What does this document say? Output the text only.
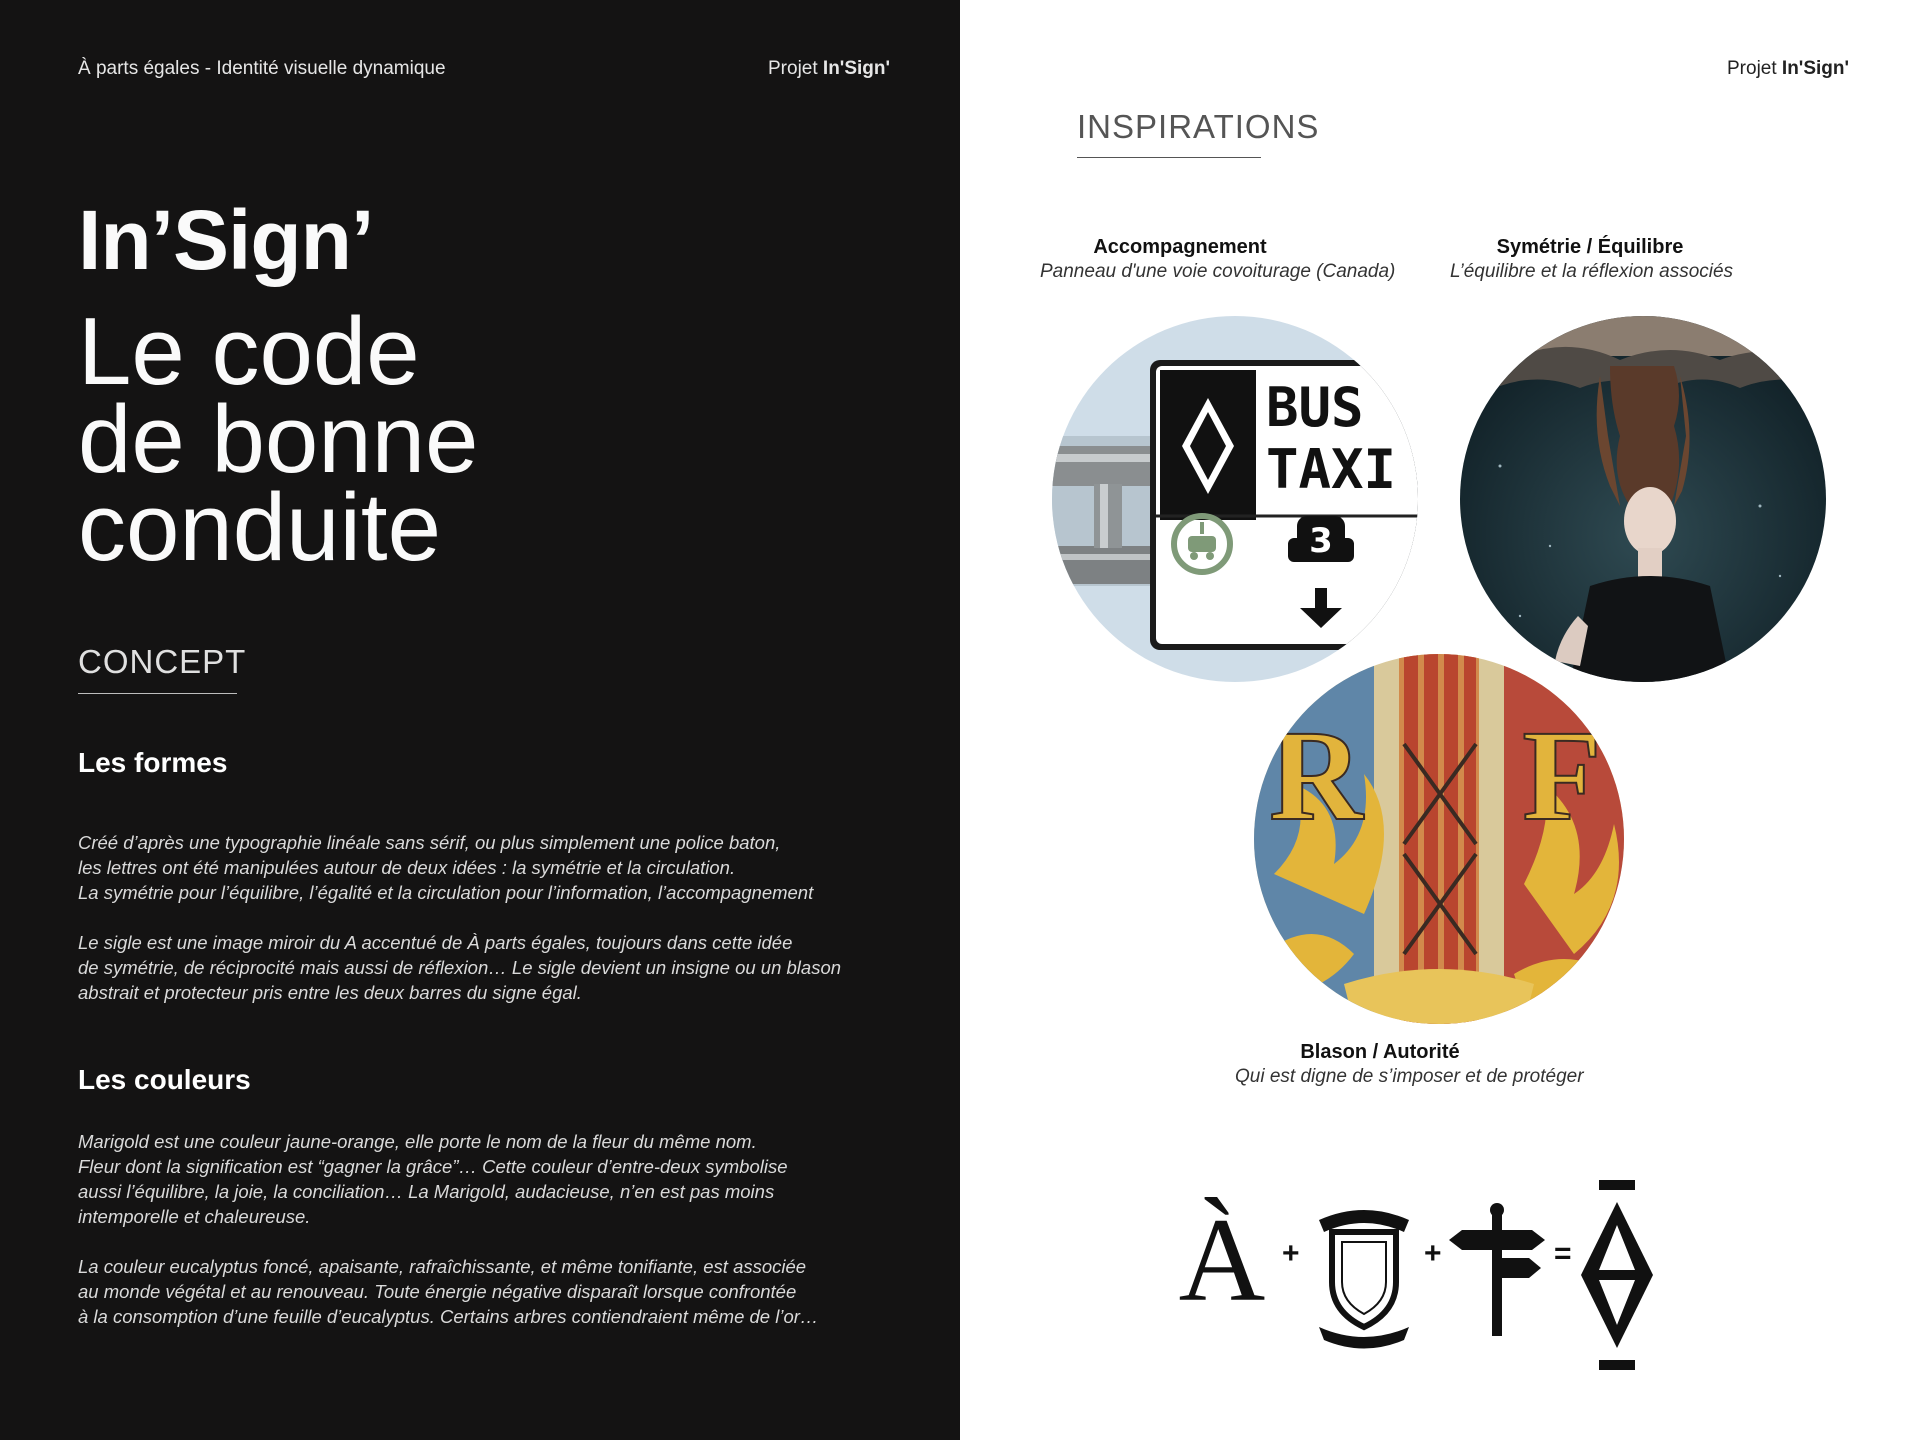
À parts égales - Identité visuelle dynamique	Projet In'Sign'
In’Sign’
Le code
de bonne
conduite
CONCEPT
Les formes
Créé d’après une typographie linéale sans sérif, ou plus simplement une police baton,
les lettres ont été manipulées autour de deux idées : la symétrie et la circulation.
La symétrie pour l’équilibre, l’égalité et la circulation pour l’information, l’accompagnement
Le sigle est une image miroir du A accentué de À parts égales, toujours dans cette idée
de symétrie, de réciprocité mais aussi de réflexion… Le sigle devient un insigne ou un blason
abstrait et protecteur pris entre les deux barres du signe égal.
Les couleurs
Marigold est une couleur jaune-orange, elle porte le nom de la fleur du même nom.
Fleur dont la signification est “gagner la grâce”… Cette couleur d’entre-deux symbolise
aussi l’équilibre, la joie, la conciliation… La Marigold, audacieuse, n’en est pas moins
intemporelle et chaleureuse.
La couleur eucalyptus foncé, apaisante, rafraîchissante, et même tonifiante, est associée
au monde végétal et au renouveau. Toute énergie négative disparaît lorsque confrontée
à la consomption d’une feuille d’eucalyptus. Certains arbres contiendraient même de l’or…
Projet In'Sign'
INSPIRATIONS
Accompagnement
Panneau d'une voie covoiturage (Canada)
Symétrie / Équilibre
L’équilibre et la réflexion associés
Blason / Autorité
Qui est digne de s’imposer et de protéger
BUS
TAXI
3
R F
À +	+	=
